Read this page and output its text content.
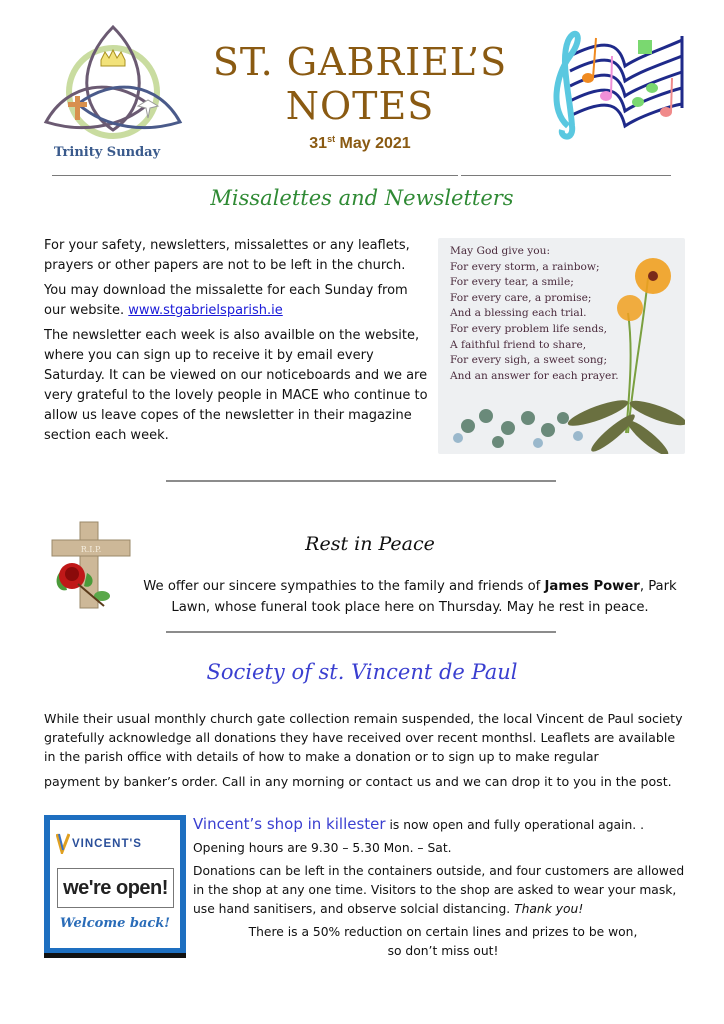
Trinity Sunday
ST. GABRIEL’S
NOTES
31st May 2021
Missalettes and Newsletters

For your safety, newsletters, missalettes or any leaflets, prayers or other papers are not to be left in the church.

You may download the missalette for each Sunday from our website. www.stgabrielsparish.ie

The newsletter each week is also availble on the website, where you can sign up to receive it by email every Saturday. It can be viewed on our noticeboards and we are very grateful to the lovely people in MACE who continue to allow us leave copes of the newsletter in their magazine section each week.

May God give you:
For every storm, a rainbow;
For every tear, a smile;
For every care, a promise;
And a blessing each trial.
For every problem life sends,
A faithful friend to share,
For every sigh, a sweet song;
And an answer for each prayer.
R.I.P.	Rest in Peace
We offer our sincere sympathies to the family and friends of James Power, Park Lawn, whose funeral took place here on Thursday. May he rest in peace.
Society of st. Vincent de Paul

While their usual monthly church gate collection remain suspended, the local Vincent de Paul society gratefully acknowledge all donations they have received over recent monthsl. Leaflets are available in the parish office with details of how to make a donation or to sign up to make regular

payment by banker’s order. Call in any morning or contact us and we can drop it to you in the post.

VINCENT'S
we're open!
Welcome back!
Vincent’s shop in killester is now open and fully operational again. .
Opening hours are 9.30 – 5.30 Mon. – Sat.
Donations can be left in the containers outside, and four customers are allowed in the shop at any one time. Visitors to the shop are asked to wear your mask, use hand sanitisers, and observe solcial distancing. Thank you!
There is a 50% reduction on certain lines and prizes to be won,
so don’t miss out!
